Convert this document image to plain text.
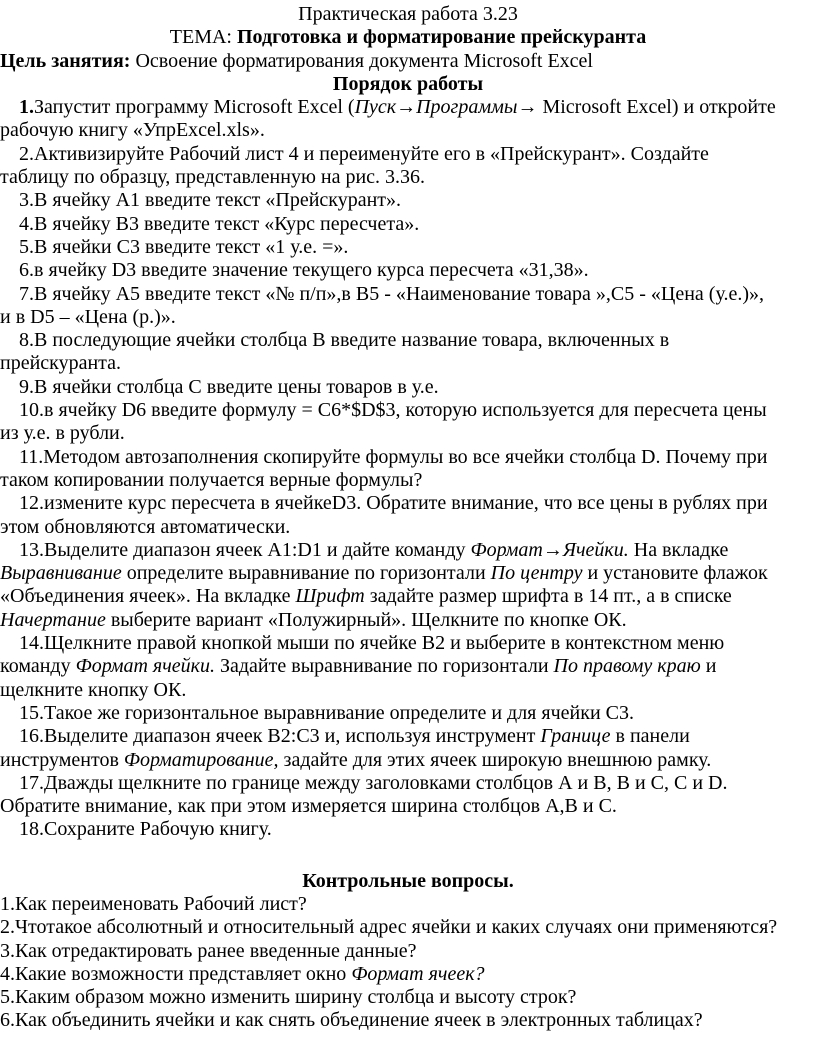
Практическая работа 3.23
ТЕМА: Подготовка и форматирование прейскуранта
Цель занятия: Освоение форматирования документа Microsoft Excel
Порядок работы
1.Запустит программу Microsoft Excel (Пуск→Программы→ Microsoft Excel) и откройте
рабочую книгу «УпрExcel.xls».
2.Активизируйте Рабочий лист 4 и переименуйте его в «Прейскурант». Создайте
таблицу по образцу, представленную на рис. 3.36.
3.В ячейку А1 введите текст «Прейскурант».
4.В ячейку В3 введите текст «Курс пересчета».
5.В ячейки С3 введите текст «1 у.е. =».
6.в ячейку D3 введите значение текущего курса пересчета «31,38».
7.В ячейку А5 введите текст «№ п/п»,в В5 - «Наименование товара »,С5 - «Цена (у.е.)»,
и в D5 – «Цена (р.)».
8.В последующие ячейки столбца В введите название товара, включенных в
прейскуранта.
9.В ячейки столбца С введите цены товаров в у.е.
10.в ячейку D6 введите формулу = C6*$D$3, которую используется для пересчета цены
из у.е. в рубли.
11.Методом автозаполнения скопируйте формулы во все ячейки столбца D. Почему при
таком копировании получается верные формулы?
12.измените курс пересчета в ячейкеD3. Обратите внимание, что все цены в рублях при
этом обновляются автоматически.
13.Выделите диапазон ячеек А1:D1 и дайте команду Формат→Ячейки. На вкладке
Выравнивание определите выравнивание по горизонтали По центру и установите флажок
«Объединения ячеек». На вкладке Шрифт задайте размер шрифта в 14 пт., а в списке
Начертание выберите вариант «Полужирный». Щелкните по кнопке ОК.
14.Щелкните правой кнопкой мыши по ячейке В2 и выберите в контекстном меню
команду Формат ячейки. Задайте выравнивание по горизонтали По правому краю и
щелкните кнопку ОК.
15.Такое же горизонтальное выравнивание определите и для ячейки С3.
16.Выделите диапазон ячеек В2:С3 и, используя инструмент Границе в панели
инструментов Форматирование, задайте для этих ячеек широкую внешнюю рамку.
17.Дважды щелкните по границе между заголовками столбцов А и В, В и С, С и D.
Обратите внимание, как при этом измеряется ширина столбцов А,В и С.
18.Сохраните Рабочую книгу.
Контрольные вопросы.
1.Как переименовать Рабочий лист?
2.Чтотакое абсолютный и относительный адрес ячейки и каких случаях они применяются?
3.Как отредактировать ранее введенные данные?
4.Какие возможности представляет окно Формат ячеек?
5.Каким образом можно изменить ширину столбца и высоту строк?
6.Как объединить ячейки и как снять объединение ячеек в электронных таблицах?
